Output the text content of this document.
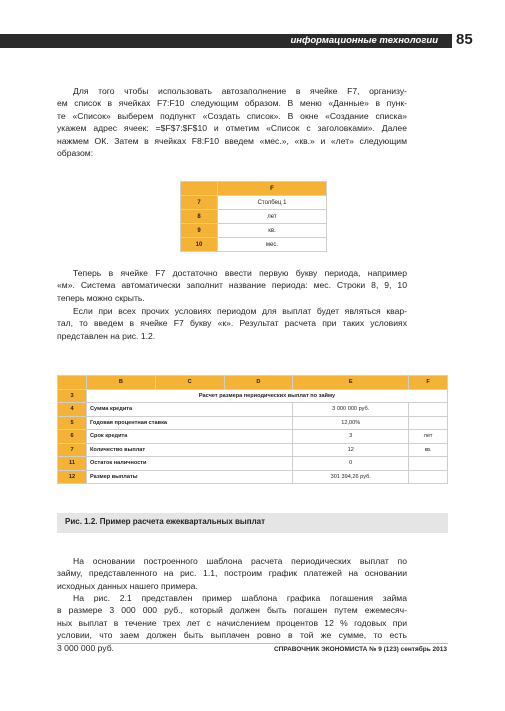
информационные технологии 85

Для того чтобы использовать автозаполнение в ячейке F7, организу-
ем список в ячейках F7:F10 следующим образом. В меню «Данные» в пунк-
те «Список» выберем подпункт «Создать список». В окне «Создание списка»
укажем адрес ячеек: =$F$7:$F$10 и отметим «Список с заголовками». Далее
нажмем ОК. Затем в ячейках F8:F10 введем «мес.», «кв.» и «лет» следующим
образом:

	F
7	Столбец 1
8	лет
9	кв.
10	мес.

Теперь в ячейке F7 достаточно ввести первую букву периода, например
«м». Система автоматически заполнит название периода: мес. Строки 8, 9, 10
теперь можно скрыть.

Если при всех прочих условиях периодом для выплат будет являться квар-
тал, то введем в ячейке F7 букву «к». Результат расчета при таких условиях
представлен на рис. 1.2.

	B	C	D	E	F
3	Расчет размера периодических выплат по займу				
4	Сумма кредита			3 000 000 руб.	
5	Годовая процентная ставка			12,00%	
6	Срок кредита			3	лет
7	Количество выплат			12	кв.
11	Остаток наличности			0	
12	Размер выплаты			301 394,26 руб.	
Рис. 1.2. Пример расчета ежеквартальных выплат

На основании построенного шаблона расчета периодических выплат по
займу, представленного на рис. 1.1, построим график платежей на основании
исходных данных нашего примера.

На рис. 2.1 представлен пример шаблона графика погашения займа
в размере 3 000 000 руб., который должен быть погашен путем ежемесяч-
ных выплат в течение трех лет с начислением процентов 12 % годовых при
условии, что заем должен быть выплачен ровно в той же сумме, то есть
3 000 000 руб.	СПРАВОЧНИК ЭКОНОМИСТА № 9 (123) сентябрь 2013
